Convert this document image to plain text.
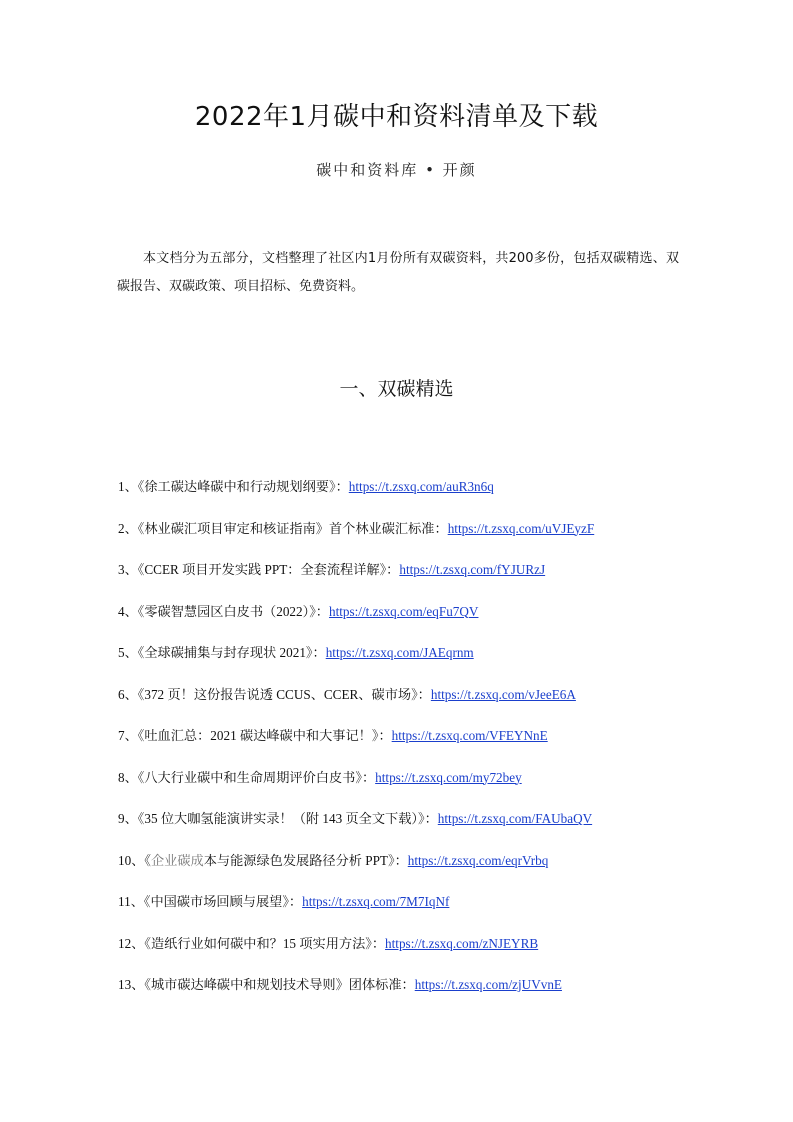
2022年1月碳中和资料清单及下载
碳中和资料库 • 开颜
本文档分为五部分，文档整理了社区内1月份所有双碳资料，共200多份，包括双碳精选、双碳报告、双碳政策、项目招标、免费资料。
一、双碳精选
1、《徐工碳达峰碳中和行动规划纲要》：https://t.zsxq.com/auR3n6q
2、《林业碳汇项目审定和核证指南》首个林业碳汇标准：https://t.zsxq.com/uVJEyzF
3、《CCER 项目开发实践 PPT：全套流程详解》：https://t.zsxq.com/fYJURzJ
4、《零碳智慧园区白皮书（2022）》：https://t.zsxq.com/eqFu7QV
5、《全球碳捕集与封存现状 2021》：https://t.zsxq.com/JAEqrnm
6、《372 页！这份报告说透 CCUS、CCER、碳市场》：https://t.zsxq.com/vJeeE6A
7、《吐血汇总：2021 碳达峰碳中和大事记！》：https://t.zsxq.com/VFEYNnE
8、《八大行业碳中和生命周期评价白皮书》：https://t.zsxq.com/my72bey
9、《35 位大咖氢能演讲实录！（附 143 页全文下载）》：https://t.zsxq.com/FAUbaQV
10、《企业碳成本与能源绿色发展路径分析 PPT》：https://t.zsxq.com/eqrVrbq
11、《中国碳市场回顾与展望》：https://t.zsxq.com/7M7IqNf
12、《造纸行业如何碳中和？15 项实用方法》：https://t.zsxq.com/zNJEYRB
13、《城市碳达峰碳中和规划技术导则》团体标准：https://t.zsxq.com/zjUVvnE
